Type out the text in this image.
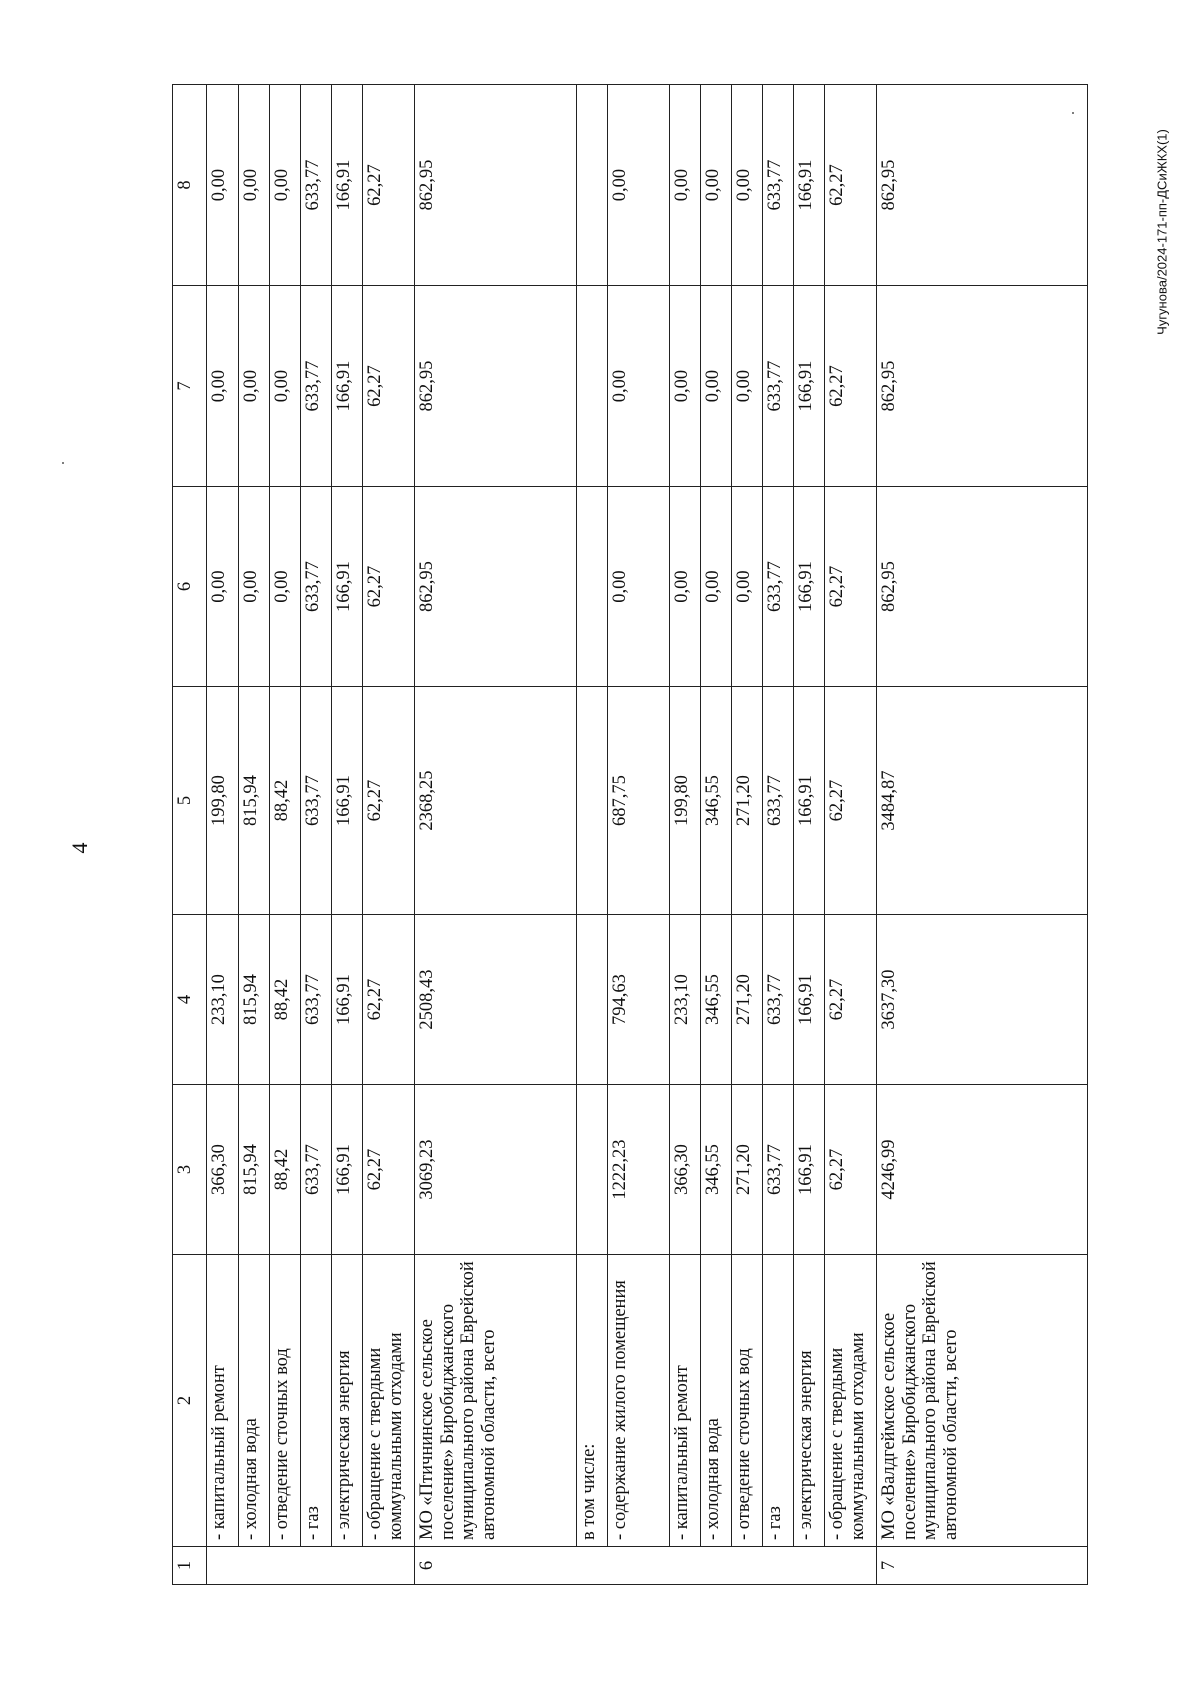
4
Чугунова/2024-171-пп-ДСиЖКХ(1)
1	2	3	4	5	6	7	8
	- капитальный ремонт	366,30	233,10	199,80	0,00	0,00	0,00
	- холодная вода	815,94	815,94	815,94	0,00	0,00	0,00
	- отведение сточных вод	88,42	88,42	88,42	0,00	0,00	0,00
	- газ	633,77	633,77	633,77	633,77	633,77	633,77
	- электрическая энергия	166,91	166,91	166,91	166,91	166,91	166,91
	- обращение с твердыми коммунальными отходами	62,27	62,27	62,27	62,27	62,27	62,27
6	МО «Птичнинское сельское поселение» Биробиджанского муниципального района Еврейской автономной области, всего	3069,23	2508,43	2368,25	862,95	862,95	862,95
	в том числе:						
	- содержание жилого помещения	1222,23	794,63	687,75	0,00	0,00	0,00
	- капитальный ремонт	366,30	233,10	199,80	0,00	0,00	0,00
	- холодная вода	346,55	346,55	346,55	0,00	0,00	0,00
	- отведение сточных вод	271,20	271,20	271,20	0,00	0,00	0,00
	- газ	633,77	633,77	633,77	633,77	633,77	633,77
	- электрическая энергия	166,91	166,91	166,91	166,91	166,91	166,91
	- обращение с твердыми коммунальными отходами	62,27	62,27	62,27	62,27	62,27	62,27
7	МО «Валдгеймское сельское поселение» Биробиджанского муниципального района Еврейской автономной области, всего	4246,99	3637,30	3484,87	862,95	862,95	862,95
